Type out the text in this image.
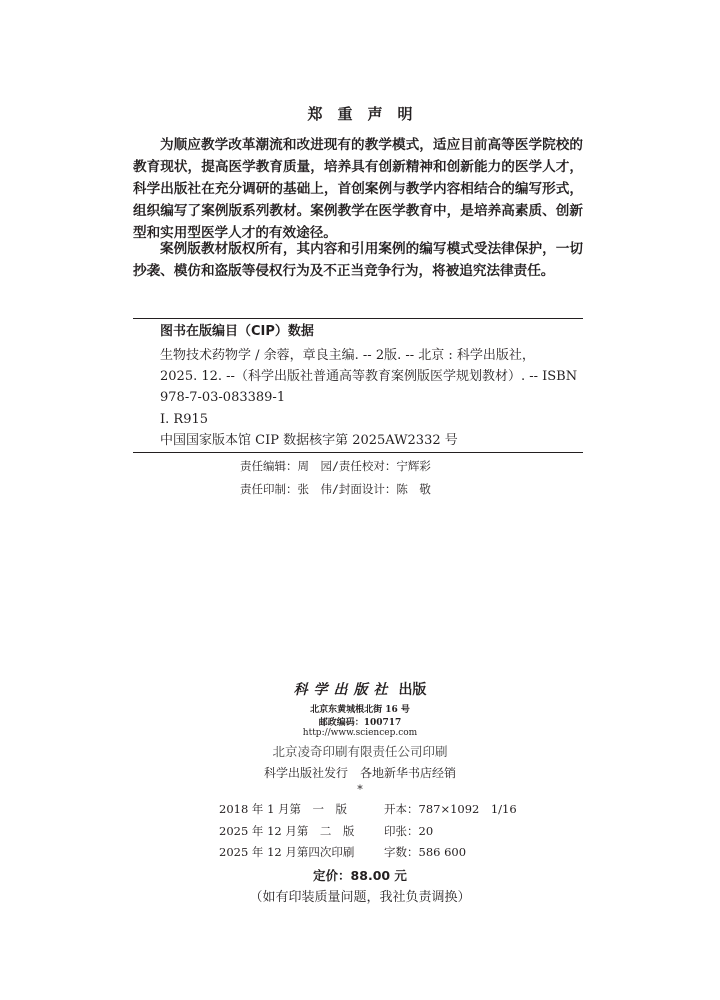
郑重声明

为顺应教学改革潮流和改进现有的教学模式，适应目前高等医学院校的教育现状，提高医学教育质量，培养具有创新精神和创新能力的医学人才，科学出版社在充分调研的基础上，首创案例与教学内容相结合的编写形式，组织编写了案例版系列教材。案例教学在医学教育中，是培养高素质、创新型和实用型医学人才的有效途径。

案例版教材版权所有，其内容和引用案例的编写模式受法律保护，一切抄袭、模仿和盗版等侵权行为及不正当竞争行为，将被追究法律责任。

图书在版编目（CIP）数据
生物技术药物学 / 余蓉，章良主编. -- 2版. -- 北京 : 科学出版社，
2025. 12. --（科学出版社普通高等教育案例版医学规划教材）. -- ISBN
978-7-03-083389-1
Ⅰ. R915
中国国家版本馆 CIP 数据核字第 2025AW2332 号
责任编辑：周　园/责任校对：宁辉彩
责任印制：张　伟/封面设计：陈　敬
科学出版社 出版
北京东黄城根北街 16 号
邮政编码：100717
http://www.sciencep.com
北京凌奇印刷有限责任公司印刷
科学出版社发行　各地新华书店经销
*
2018 年 1 月第　一　版	开本：787×1092　1/16
2025 年 12 月第　二　版	印张：20
2025 年 12 月第四次印刷	字数：586 600
定价：88.00 元
（如有印装质量问题，我社负责调换）
